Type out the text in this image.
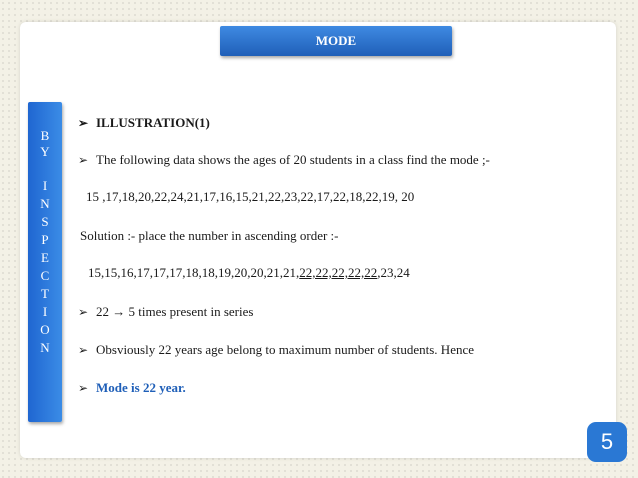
MODE
B
Y
I
N
S
P
E
C
T
I
O
N
➢ ILLUSTRATION(1)
➢ The following data shows the ages of 20 students in a class find the mode ;-
15 ,17,18,20,22,24,21,17,16,15,21,22,23,22,17,22,18,22,19, 20
Solution :- place the number in ascending order :-
15,15,16,17,17,17,18,18,19,20,20,21,21,22,22,22,22,22,23,24
➢ 22 → 5 times present in series
➢ Obsviously 22 years age belong to maximum number of students. Hence
➢ Mode is 22 year.
5
